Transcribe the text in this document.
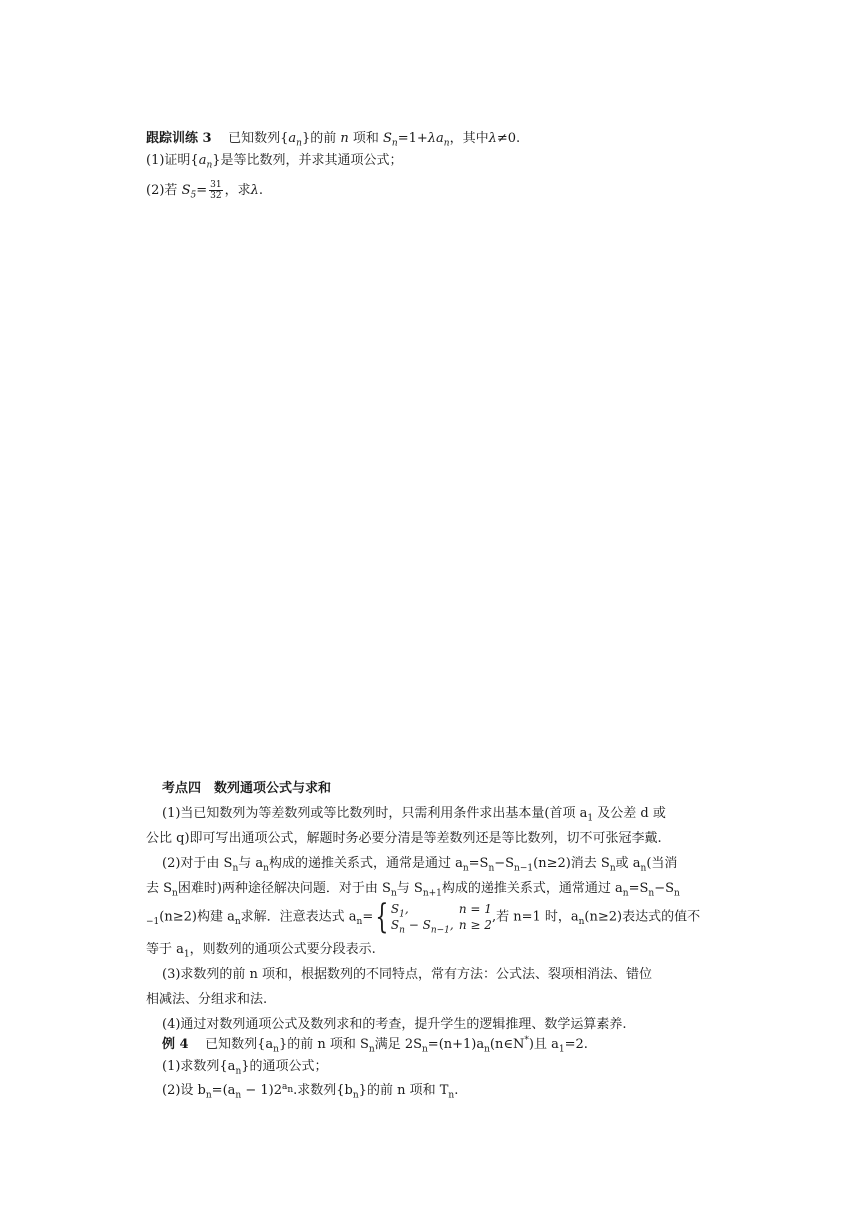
跟踪训练 3 已知数列$\{a_n\}$的前 n 项和 $S_n=1+\lambda a_n$，其中λ≠0.
(1)证明$\{a_n\}$是等比数列，并求其通项公式；
(2)若 $S_5= \frac{31}{32}$ ，求λ.
考点四　数列通项公式与求和
(1)当已知数列为等差数列或等比数列时，只需利用条件求出基本量(首项 $a_1$ 及公差 d 或
公比 q)即可写出通项公式，解题时务必要分清是等差数列还是等比数列，切不可张冠李戴.
(2)对于由 $S_n$与 $a_n$构成的递推关系式，通常是通过 $a_n=S_n-S_{n-1}(n\ge 2)$消去 $S_n$或 $a_n$(当消
去 $S_n$困难时)两种途径解决问题．对于由 $S_n$与 $S_{n+1}$构成的递推关系式，通常通过 $a_n=S_n-S_n$
$_{-1}$(n≥2)构建 $a_n$求解．注意表达式 $a_n=${ $S_1$,	n = 1
$S_n - S_{n-1}$, n ≥ 2
,若 n=1 时，$a_n(n\ge 2)$表达式的值不
等于 $a_1$，则数列的通项公式要分段表示.
(3)求数列的前 n 项和，根据数列的不同特点，常有方法：公式法、裂项相消法、错位
相减法、分组求和法.
(4)通过对数列通项公式及数列求和的考查，提升学生的逻辑推理、数学运算素养.
例 4 已知数列$\{a_n\}$的前 n 项和 $S_n$满足 $2S_n=(n+1)a_n(n\in N^*)$且 $a_1=2$.
(1)求数列$\{a_n\}$的通项公式；
(2)设 $b_n=(a_n - 1)2^{a_n}$.求数列$\{b_n\}$的前 n 项和 $T_n$.
